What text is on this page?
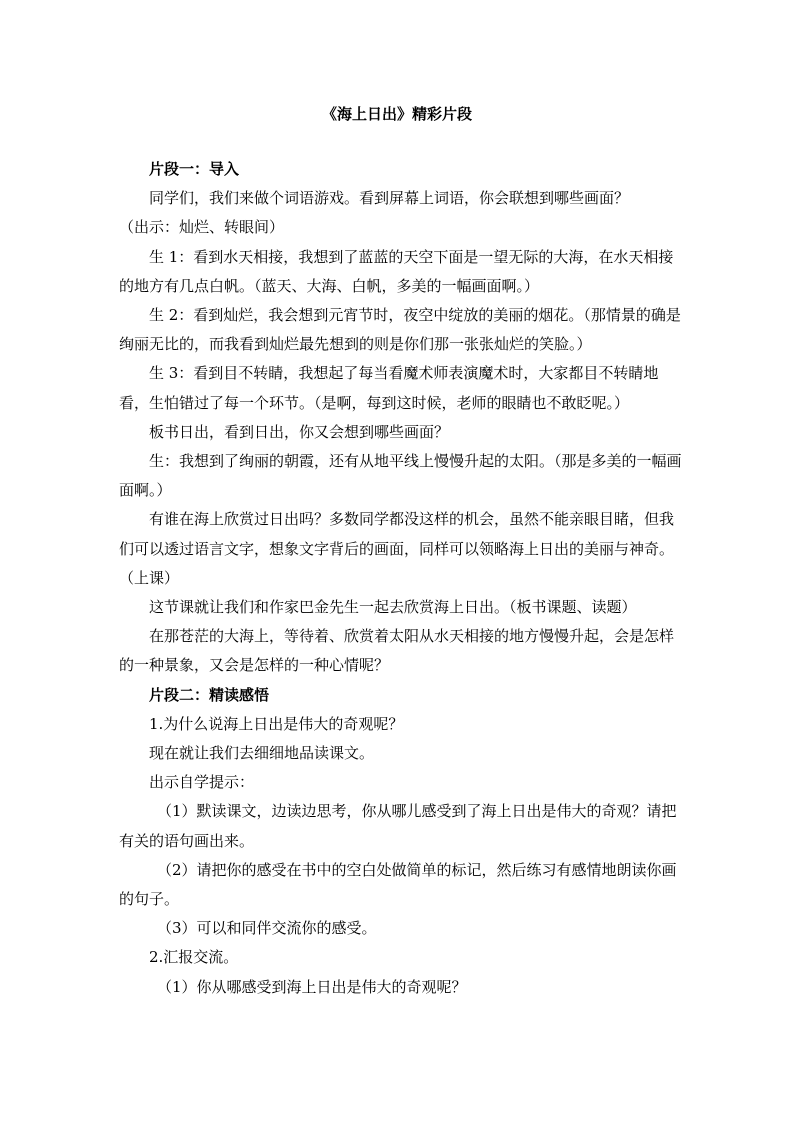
《海上日出》精彩片段

片段一：导入

同学们，我们来做个词语游戏。看到屏幕上词语，你会联想到哪些画面？

（出示：灿烂、转眼间）

生 1：看到水天相接，我想到了蓝蓝的天空下面是一望无际的大海，在水天相接的地方有几点白帆。（蓝天、大海、白帆，多美的一幅画面啊。）

生 2：看到灿烂，我会想到元宵节时，夜空中绽放的美丽的烟花。（那情景的确是绚丽无比的，而我看到灿烂最先想到的则是你们那一张张灿烂的笑脸。）

生 3：看到目不转睛，我想起了每当看魔术师表演魔术时，大家都目不转睛地看，生怕错过了每一个环节。（是啊，每到这时候，老师的眼睛也不敢眨呢。）

板书日出，看到日出，你又会想到哪些画面？

生：我想到了绚丽的朝霞，还有从地平线上慢慢升起的太阳。（那是多美的一幅画面啊。）

有谁在海上欣赏过日出吗？多数同学都没这样的机会，虽然不能亲眼目睹，但我们可以透过语言文字，想象文字背后的画面，同样可以领略海上日出的美丽与神奇。（上课）

这节课就让我们和作家巴金先生一起去欣赏海上日出。（板书课题、读题）

在那苍茫的大海上，等待着、欣赏着太阳从水天相接的地方慢慢升起，会是怎样的一种景象，又会是怎样的一种心情呢？

片段二：精读感悟

1.为什么说海上日出是伟大的奇观呢？

现在就让我们去细细地品读课文。

出示自学提示：

（1）默读课文，边读边思考，你从哪儿感受到了海上日出是伟大的奇观？请把有关的语句画出来。

（2）请把你的感受在书中的空白处做简单的标记，然后练习有感情地朗读你画的句子。

（3）可以和同伴交流你的感受。

2.汇报交流。

（1）你从哪感受到海上日出是伟大的奇观呢？
